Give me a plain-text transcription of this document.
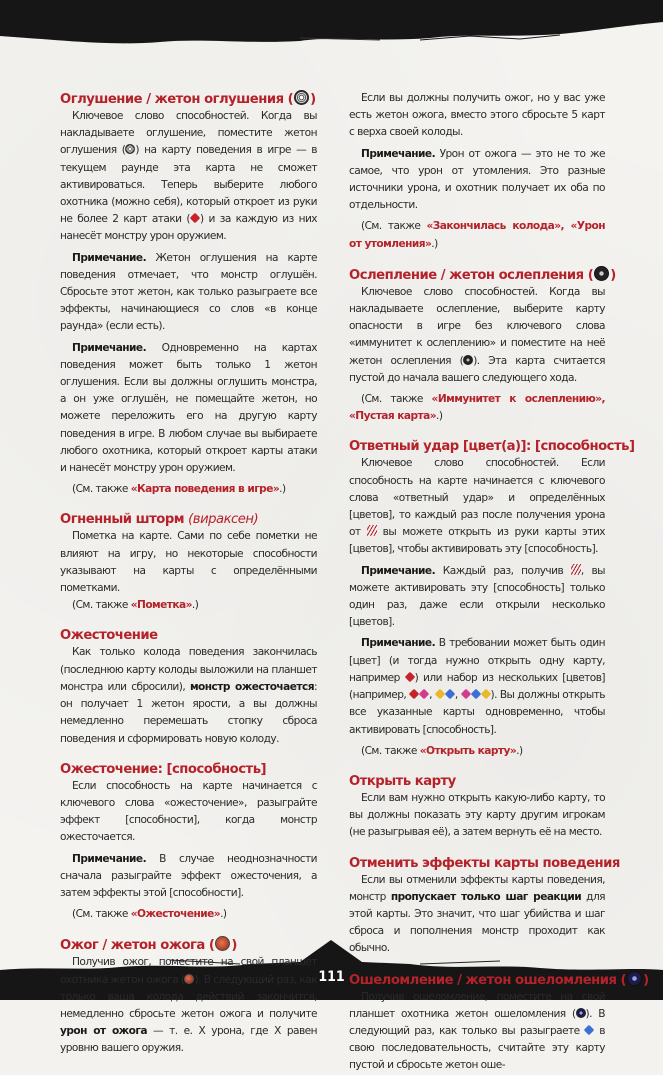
111
Оглушение / жетон оглушения ( )

Ключевое слово способностей. Когда вы накладываете оглушение, поместите жетон оглушения ( ) на карту поведения в игре — в текущем раунде эта карта не сможет активироваться. Теперь выберите любого охотника (можно себя), который откроет из руки не более 2 карт атаки ( ) и за каждую из них нанесёт монстру урон оружием.

Примечание. Жетон оглушения на карте поведения отмечает, что монстр оглушён. Сбросьте этот жетон, как только разыграете все эффекты, начинающиеся со слов «в конце раунда» (если есть).

Примечание. Одновременно на картах поведения может быть только 1 жетон оглушения. Если вы должны оглушить монстра, а он уже оглушён, не помещайте жетон, но можете переложить его на другую карту поведения в игре. В любом случае вы выбираете любого охотника, который откроет карты атаки и нанесёт монстру урон оружием.

(См. также «Карта поведения в игре».)

Огненный шторм (вираксен)

Пометка на карте. Сами по себе пометки не влияют на игру, но некоторые способности указывают на карты с определёнными пометками.

(См. также «Пометка».)

Ожесточение

Как только колода поведения закончилась (последнюю карту колоды выложили на планшет монстра или сбросили), монстр ожесточается: он получает 1 жетон ярости, а вы должны немедленно перемешать стопку сброса поведения и сформировать новую колоду.

Ожесточение: [способность]

Если способность на карте начинается с ключевого слова «ожесточение», разыграйте эффект [способности], когда монстр ожесточается.

Примечание. В случае неоднозначности сначала разыграйте эффект ожесточения, а затем эффекты этой [способности].

(См. также «Ожесточение».)

Ожог / жетон ожога ( )

Получив ожог, поместите на свой планшет охотника жетон ожога ( ). В следующий раз, как только ваша колода действий закончится, немедленно сбросьте жетон ожога и получите урон от ожога — т. е. X урона, где X равен уровню вашего оружия.

Если вы должны получить ожог, но у вас уже есть жетон ожога, вместо этого сбросьте 5 карт с верха своей колоды.

Примечание. Урон от ожога — это не то же самое, что урон от утомления. Это разные источники урона, и охотник получает их оба по отдельности.

(См. также «Закончилась колода», «Урон от утомления».)

Ослепление / жетон ослепления ( )

Ключевое слово способностей. Когда вы накладываете ослепление, выберите карту опасности в игре без ключевого слова «иммунитет к ослеплению» и поместите на неё жетон ослепления ( ). Эта карта считается пустой до начала вашего следующего хода.

(См. также «Иммунитет к ослеплению», «Пустая карта».)

Ответный удар [цвет(а)]: [способность]

Ключевое слово способностей. Если способность на карте начинается с ключевого слова «ответный удар» и определённых [цветов], то каждый раз после получения урона от  вы можете открыть из руки карты этих [цветов], чтобы активировать эту [способность].

Примечание. Каждый раз, получив , вы можете активировать эту [способность] только один раз, даже если открыли несколько [цветов].

Примечание. В требовании может быть один [цвет] (и тогда нужно открыть одну карту, например ) или набор из нескольких [цветов] (например, , ,	). Вы должны открыть все указанные карты одновременно, чтобы активировать [способность].

(См. также «Открыть карту».)

Открыть карту

Если вам нужно открыть какую-либо карту, то вы должны показать эту карту другим игрокам (не разыгрывая её), а затем вернуть её на место.

Отменить эффекты карты поведения

Если вы отменили эффекты карты поведения, монстр пропускает только шаг реакции для этой карты. Это значит, что шаг убийства и шаг сброса и пополнения монстр проходит как обычно.

Ошеломление / жетон ошеломления ( )

Получив ошеломление, поместите на свой планшет охотника жетон ошеломления ( ). В следующий раз, как только вы разыграете  в свою последовательность, считайте эту карту пустой и сбросьте жетон оше-
